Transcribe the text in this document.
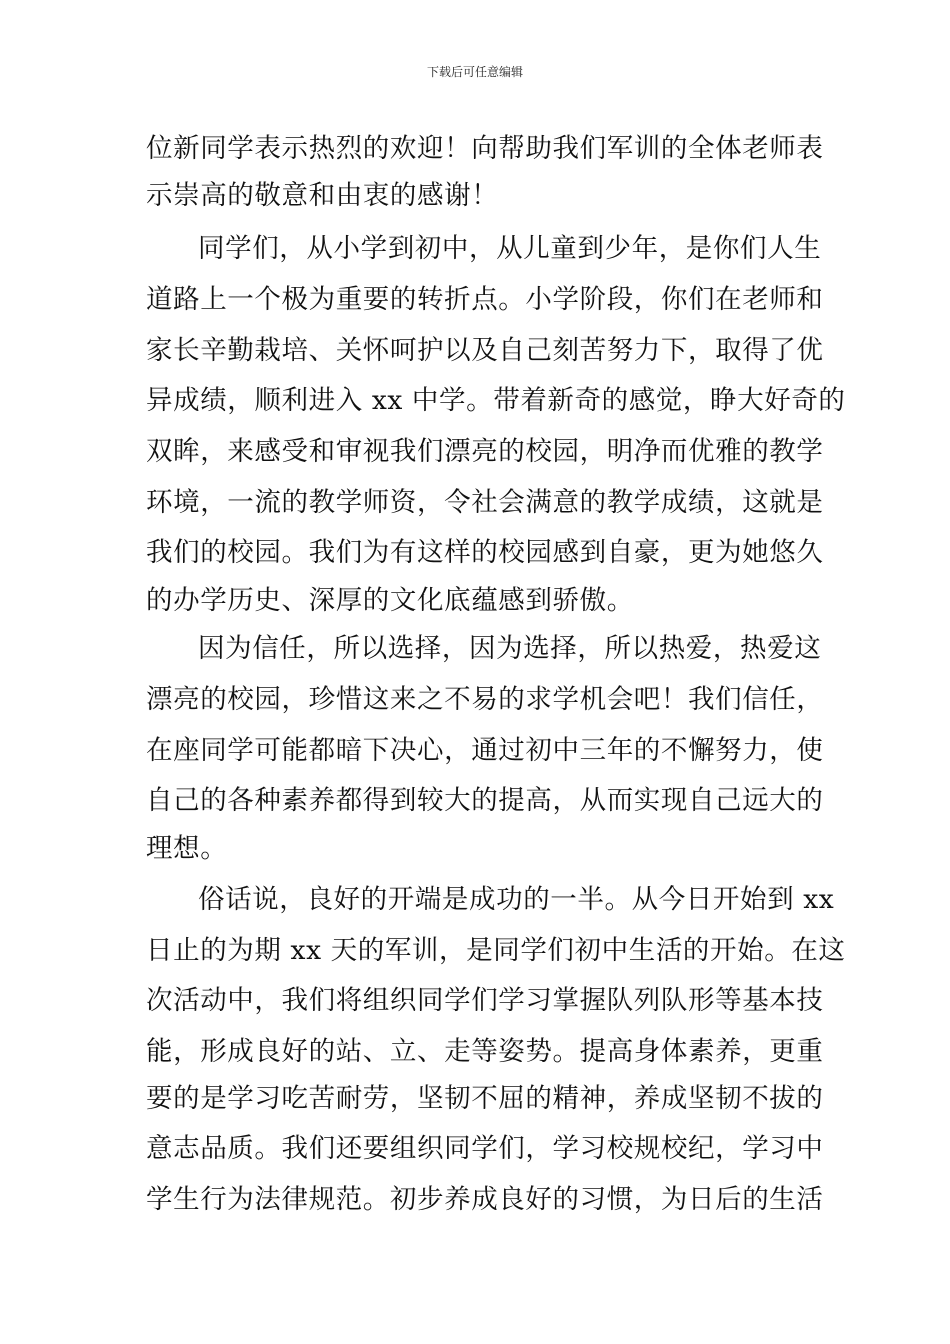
下载后可任意编辑
位新同学表示热烈的欢迎！向帮助我们军训的全体老师表
示崇高的敬意和由衷的感谢！
同学们，从小学到初中，从儿童到少年，是你们人生
道路上一个极为重要的转折点。小学阶段，你们在老师和
家长辛勤栽培、关怀呵护以及自己刻苦努力下，取得了优
异成绩，顺利进入 xx 中学。带着新奇的感觉，睁大好奇的
双眸，来感受和审视我们漂亮的校园，明净而优雅的教学
环境，一流的教学师资，令社会满意的教学成绩，这就是
我们的校园。我们为有这样的校园感到自豪，更为她悠久
的办学历史、深厚的文化底蕴感到骄傲。
因为信任，所以选择，因为选择，所以热爱，热爱这
漂亮的校园，珍惜这来之不易的求学机会吧！我们信任，
在座同学可能都暗下决心，通过初中三年的不懈努力，使
自己的各种素养都得到较大的提高，从而实现自己远大的
理想。
俗话说，良好的开端是成功的一半。从今日开始到 xx
日止的为期 xx 天的军训，是同学们初中生活的开始。在这
次活动中，我们将组织同学们学习掌握队列队形等基本技
能，形成良好的站、立、走等姿势。提高身体素养，更重
要的是学习吃苦耐劳，坚韧不屈的精神，养成坚韧不拔的
意志品质。我们还要组织同学们，学习校规校纪，学习中
学生行为法律规范。初步养成良好的习惯，为日后的生活
